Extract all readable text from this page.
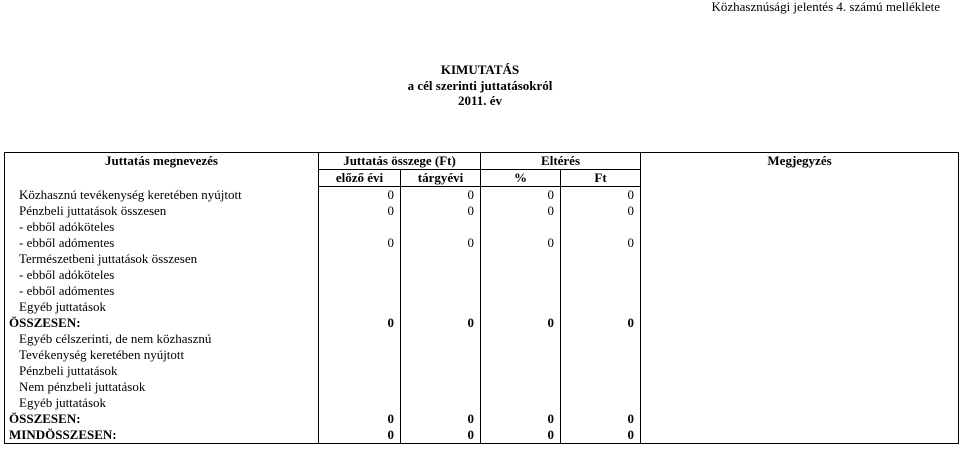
Közhasznúsági jelentés 4. számú melléklete
KIMUTATÁS
a cél szerinti juttatásokról
2011. év
Juttatás megnevezés	Juttatás összege (Ft)		Eltérés		Megjegyzés
	előző évi	tárgyévi	%	Ft	
Közhasznú tevékenység keretében nyújtott	0	0	0	0	
Pénzbeli juttatások összesen	0	0	0	0	
- ebből adóköteles					
- ebből adómentes	0	0	0	0	
Természetbeni juttatások összesen					
- ebből adóköteles					
- ebből adómentes					
Egyéb juttatások					
ÖSSZESEN:	0	0	0	0	
Egyéb célszerinti, de nem közhasznú					
Tevékenység keretében nyújtott					
Pénzbeli juttatások					
Nem pénzbeli juttatások					
Egyéb juttatások					
ÖSSZESEN:	0	0	0	0	
MINDÖSSZESEN:	0	0	0	0	
